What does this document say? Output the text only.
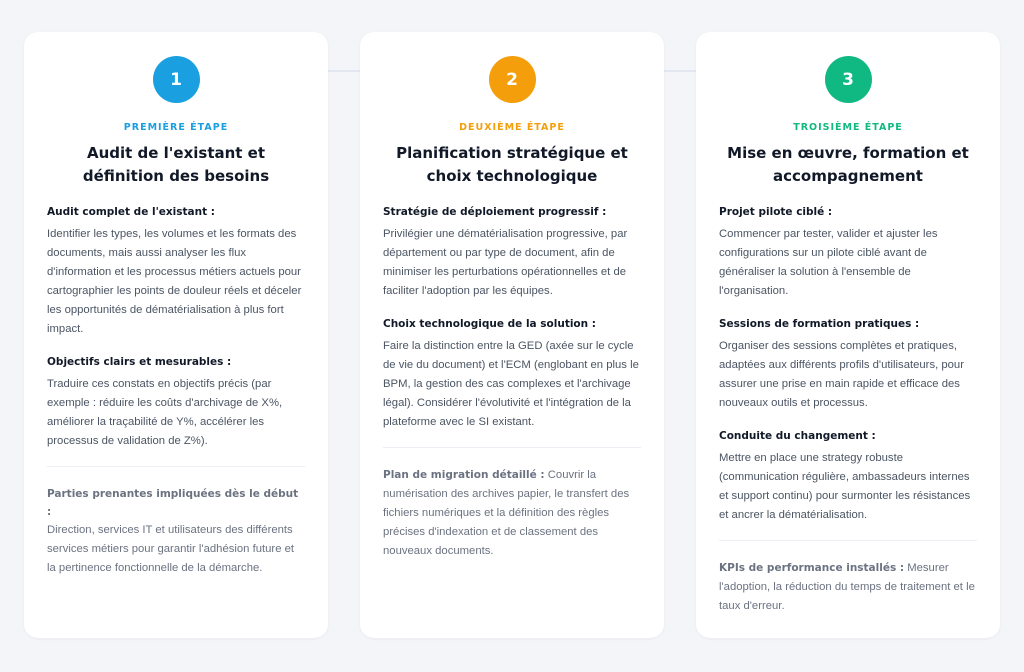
1
PREMIÈRE ÉTAPE
Audit de l'existant et définition des besoins
Audit complet de l'existant :
Identifier les types, les volumes et les formats des documents, mais aussi analyser les flux d'information et les processus métiers actuels pour cartographier les points de douleur réels et déceler les opportunités de dématérialisation à plus fort impact.
Objectifs clairs et mesurables :
Traduire ces constats en objectifs précis (par exemple : réduire les coûts d'archivage de X%, améliorer la traçabilité de Y%, accélérer les processus de validation de Z%).
Parties prenantes impliquées dès le début :
Direction, services IT et utilisateurs des différents services métiers pour garantir l'adhésion future et la pertinence fonctionnelle de la démarche.
2
DEUXIÈME ÉTAPE
Planification stratégique et choix technologique
Stratégie de déploiement progressif :
Privilégier une dématérialisation progressive, par département ou par type de document, afin de minimiser les perturbations opérationnelles et de faciliter l'adoption par les équipes.
Choix technologique de la solution :
Faire la distinction entre la GED (axée sur le cycle de vie du document) et l'ECM (englobant en plus le BPM, la gestion des cas complexes et l'archivage légal). Considérer l'évolutivité et l'intégration de la plateforme avec le SI existant.
Plan de migration détaillé : Couvrir la numérisation des archives papier, le transfert des fichiers numériques et la définition des règles précises d'indexation et de classement des nouveaux documents.
3
TROISIÈME ÉTAPE
Mise en œuvre, formation et accompagnement
Projet pilote ciblé :
Commencer par tester, valider et ajuster les configurations sur un pilote ciblé avant de généraliser la solution à l'ensemble de l'organisation.
Sessions de formation pratiques :
Organiser des sessions complètes et pratiques, adaptées aux différents profils d'utilisateurs, pour assurer une prise en main rapide et efficace des nouveaux outils et processus.
Conduite du changement :
Mettre en place une strategy robuste (communication régulière, ambassadeurs internes et support continu) pour surmonter les résistances et ancrer la dématérialisation.
KPIs de performance installés : Mesurer l'adoption, la réduction du temps de traitement et le taux d'erreur.
